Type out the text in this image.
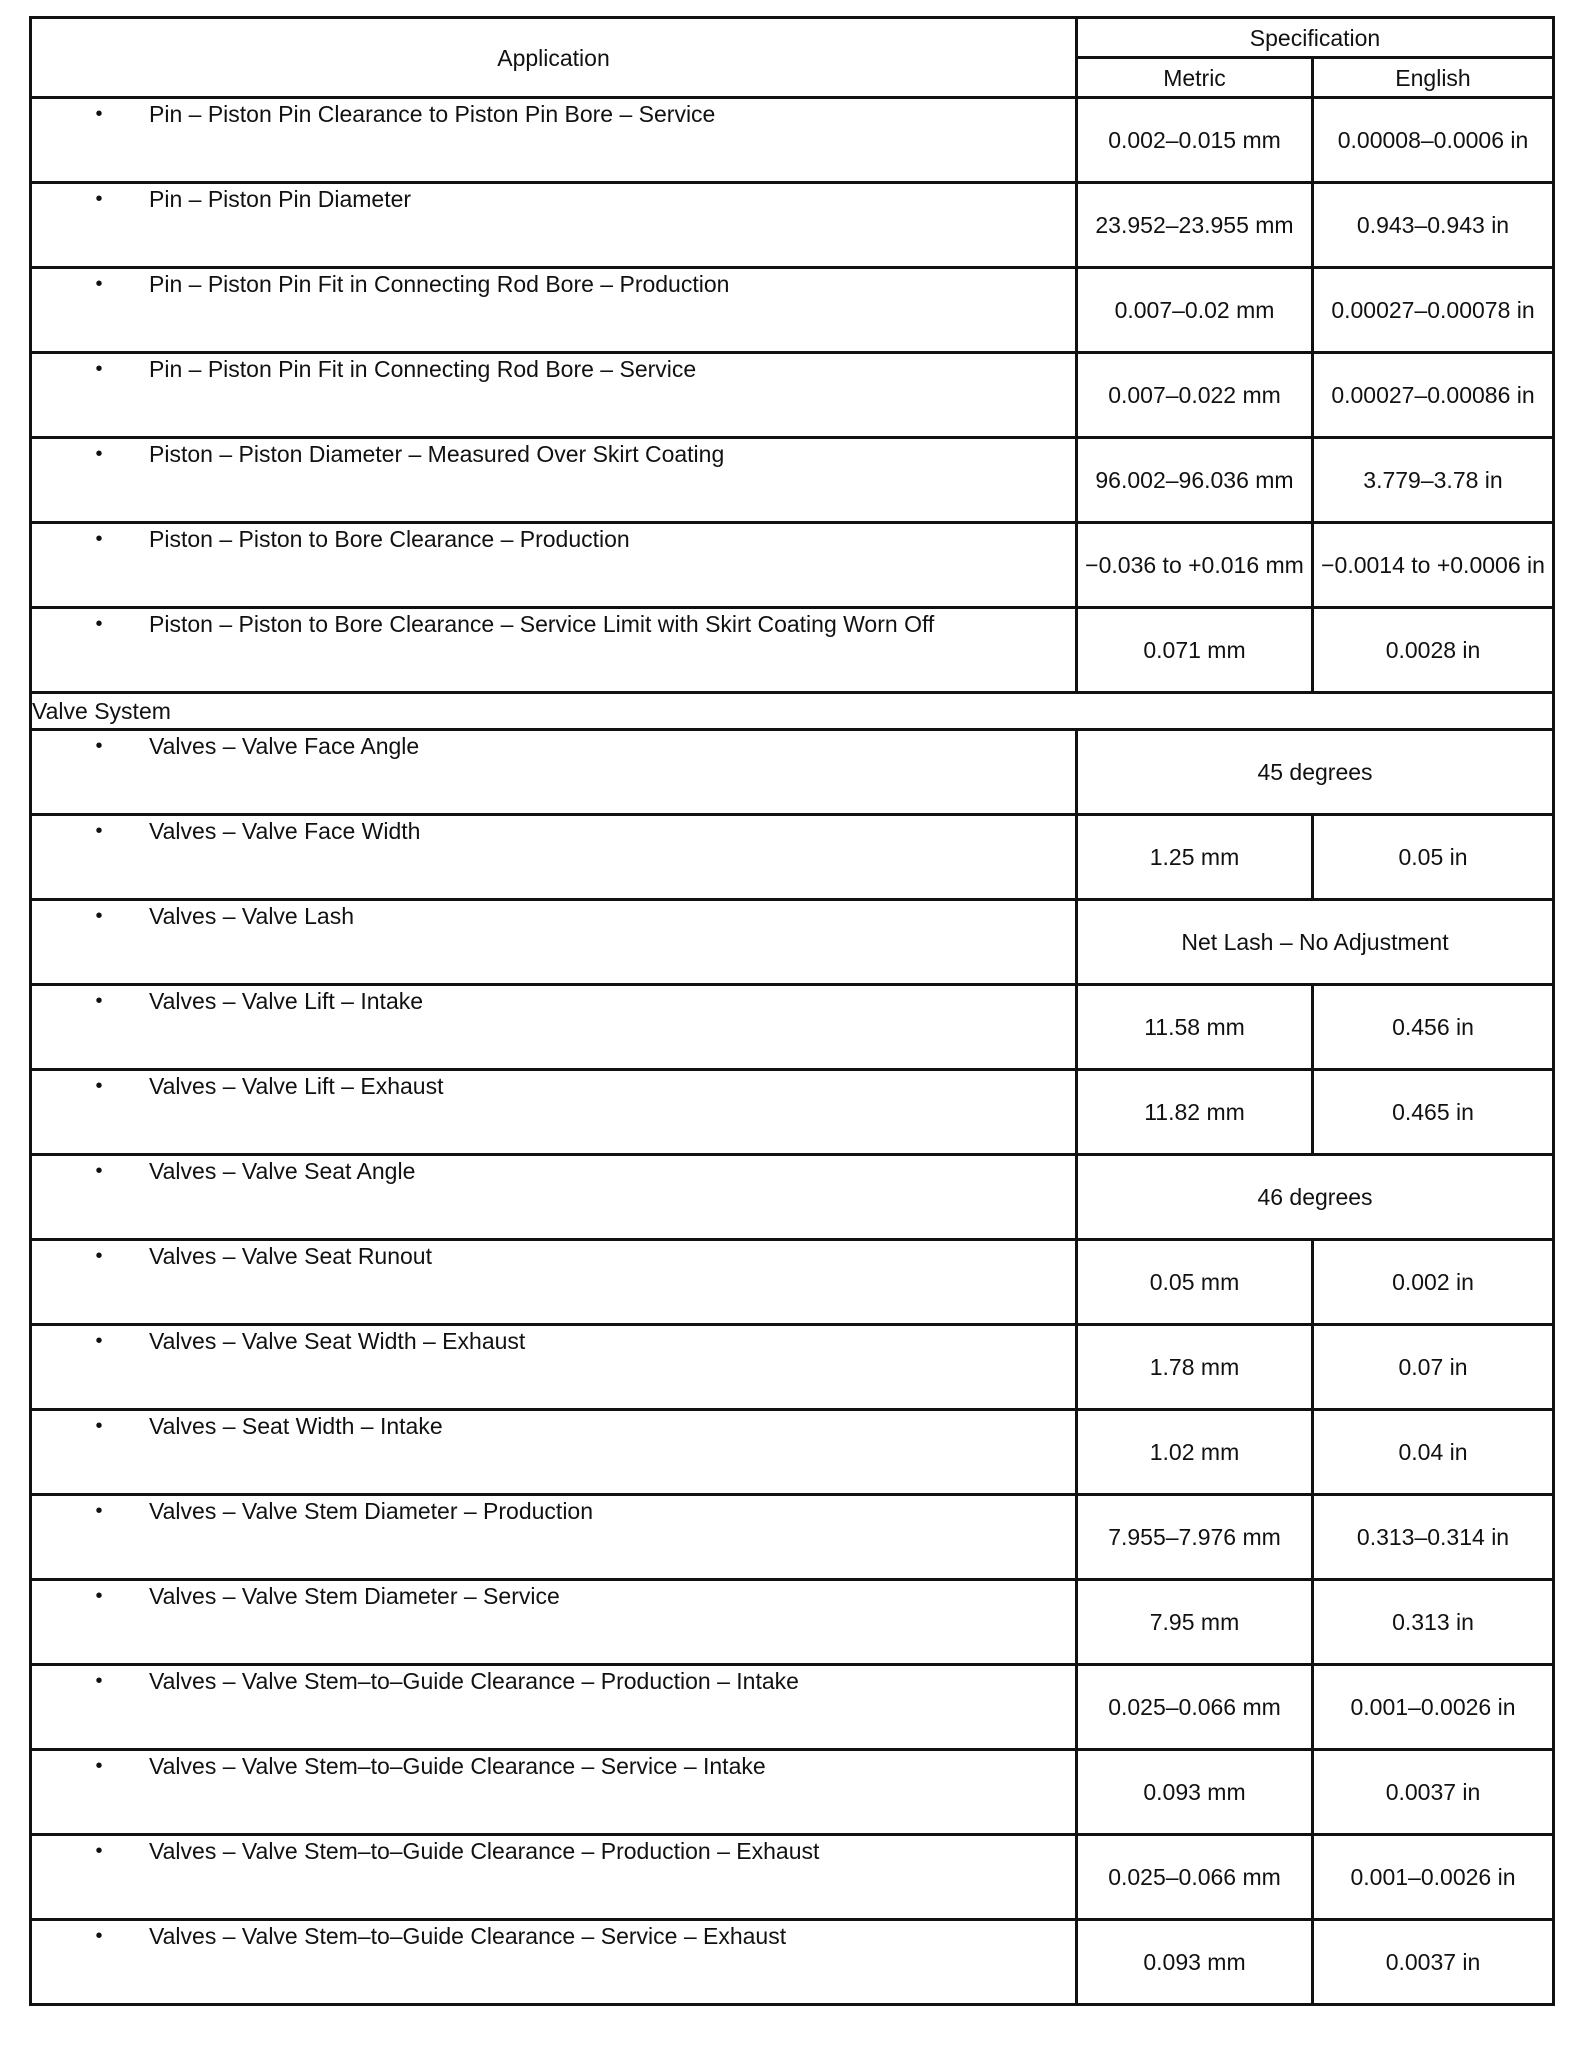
Application	Specification	
	Metric	English
• Pin – Piston Pin Clearance to Piston Pin Bore – Service	0.002–0.015 mm	0.00008–0.0006 in
• Pin – Piston Pin Diameter	23.952–23.955 mm	0.943–0.943 in
• Pin – Piston Pin Fit in Connecting Rod Bore – Production	0.007–0.02 mm	0.00027–0.00078 in
• Pin – Piston Pin Fit in Connecting Rod Bore – Service	0.007–0.022 mm	0.00027–0.00086 in
• Piston – Piston Diameter – Measured Over Skirt Coating	96.002–96.036 mm	3.779–3.78 in
• Piston – Piston to Bore Clearance – Production	−0.036 to +0.016 mm	−0.0014 to +0.0006 in
• Piston – Piston to Bore Clearance – Service Limit with Skirt Coating Worn Off	0.071 mm	0.0028 in
Valve System		
• Valves – Valve Face Angle	45 degrees	
• Valves – Valve Face Width	1.25 mm	0.05 in
• Valves – Valve Lash	Net Lash – No Adjustment	
• Valves – Valve Lift – Intake	11.58 mm	0.456 in
• Valves – Valve Lift – Exhaust	11.82 mm	0.465 in
• Valves – Valve Seat Angle	46 degrees	
• Valves – Valve Seat Runout	0.05 mm	0.002 in
• Valves – Valve Seat Width – Exhaust	1.78 mm	0.07 in
• Valves – Seat Width – Intake	1.02 mm	0.04 in
• Valves – Valve Stem Diameter – Production	7.955–7.976 mm	0.313–0.314 in
• Valves – Valve Stem Diameter – Service	7.95 mm	0.313 in
• Valves – Valve Stem–to–Guide Clearance – Production – Intake	0.025–0.066 mm	0.001–0.0026 in
• Valves – Valve Stem–to–Guide Clearance – Service – Intake	0.093 mm	0.0037 in
• Valves – Valve Stem–to–Guide Clearance – Production – Exhaust	0.025–0.066 mm	0.001–0.0026 in
• Valves – Valve Stem–to–Guide Clearance – Service – Exhaust	0.093 mm	0.0037 in
